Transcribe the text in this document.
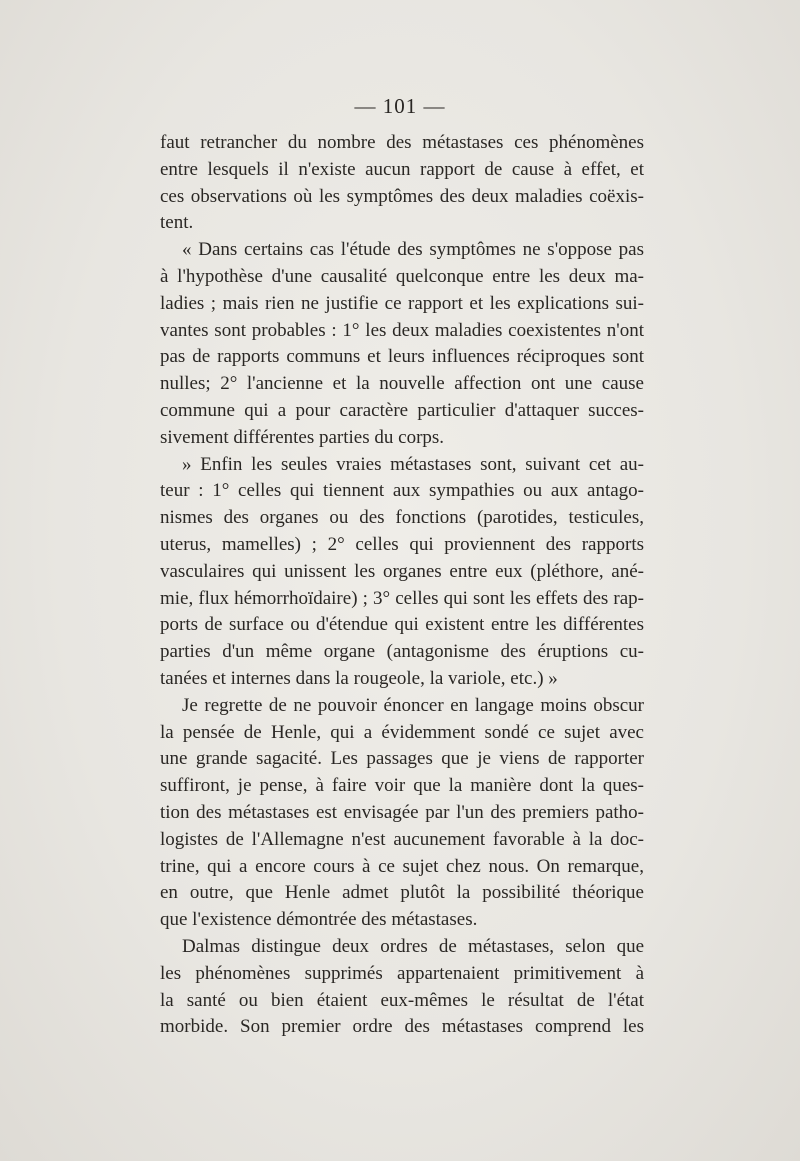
— 101 —
faut retrancher du nombre des métastases ces phénomènes
entre lesquels il n'existe aucun rapport de cause à effet, et
ces observations où les symptômes des deux maladies coëxis-
tent.
« Dans certains cas l'étude des symptômes ne s'oppose pas
à l'hypothèse d'une causalité quelconque entre les deux ma-
ladies ; mais rien ne justifie ce rapport et les explications sui-
vantes sont probables : 1° les deux maladies coexistentes n'ont
pas de rapports communs et leurs influences réciproques sont
nulles; 2° l'ancienne et la nouvelle affection ont une cause
commune qui a pour caractère particulier d'attaquer succes-
sivement différentes parties du corps.
» Enfin les seules vraies métastases sont, suivant cet au-
teur : 1° celles qui tiennent aux sympathies ou aux antago-
nismes des organes ou des fonctions (parotides, testicules,
uterus, mamelles) ; 2° celles qui proviennent des rapports
vasculaires qui unissent les organes entre eux (pléthore, ané-
mie, flux hémorrhoïdaire) ; 3° celles qui sont les effets des rap-
ports de surface ou d'étendue qui existent entre les différentes
parties d'un même organe (antagonisme des éruptions cu-
tanées et internes dans la rougeole, la variole, etc.) »
Je regrette de ne pouvoir énoncer en langage moins obscur
la pensée de Henle, qui a évidemment sondé ce sujet avec
une grande sagacité. Les passages que je viens de rapporter
suffiront, je pense, à faire voir que la manière dont la ques-
tion des métastases est envisagée par l'un des premiers patho-
logistes de l'Allemagne n'est aucunement favorable à la doc-
trine, qui a encore cours à ce sujet chez nous. On remarque,
en outre, que Henle admet plutôt la possibilité théorique
que l'existence démontrée des métastases.
Dalmas distingue deux ordres de métastases, selon que
les phénomènes supprimés appartenaient primitivement à
la santé ou bien étaient eux-mêmes le résultat de l'état
morbide. Son premier ordre des métastases comprend les
